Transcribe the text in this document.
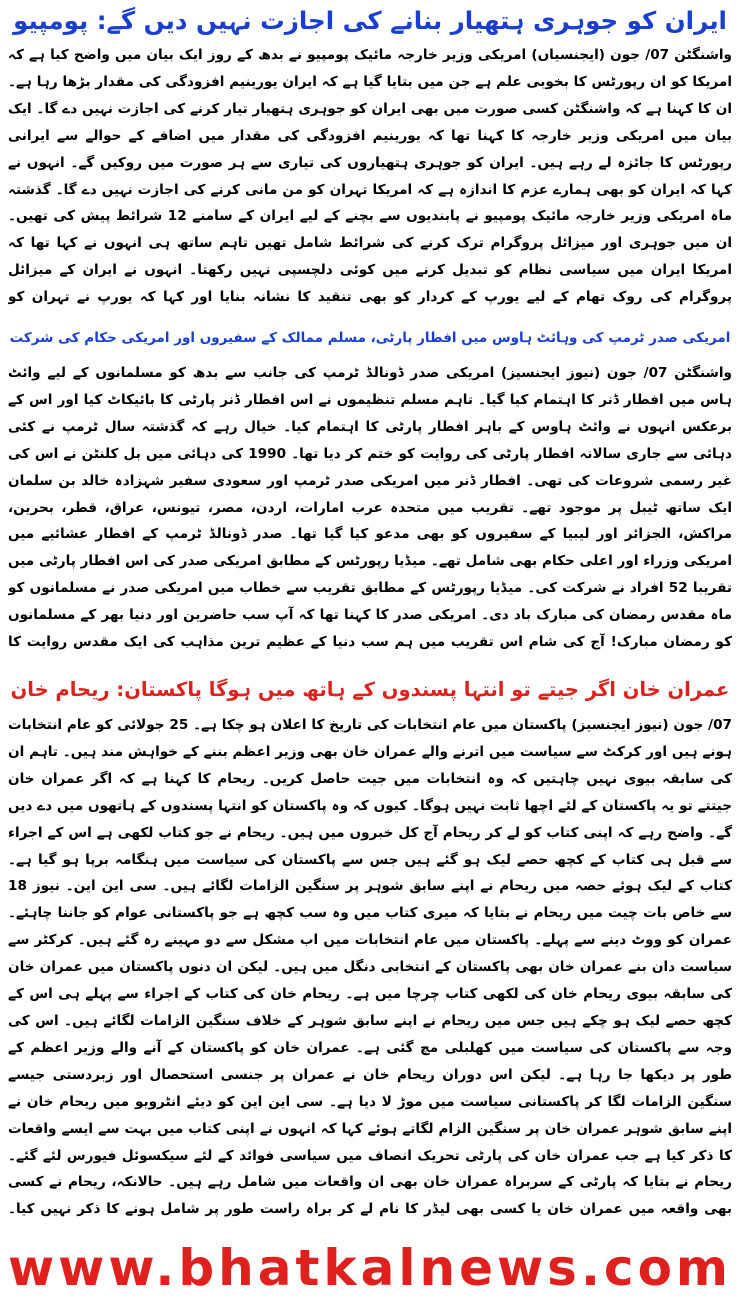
ایران کو جوہری ہتھیار بنانے کی اجازت نہیں دیں گے: پومپیو

واشنگٹن 07/ جون (ایجنسیاں) امریکی وزیر خارجہ مائیک پومپیو نے بدھ کے روز ایک بیان میں واضح کیا ہے کہ امریکا کو ان رپورٹس کا بخوبی علم ہے جن میں بتایا گیا ہے کہ ایران یورینیم افزودگی کی مقدار بڑھا رہا ہے۔ ان کا کہنا ہے کہ واشنگٹن کسی صورت میں بھی ایران کو جوہری ہتھیار تیار کرنے کی اجازت نہیں دے گا۔ ایک بیان میں امریکی وزیر خارجہ کا کہنا تھا کہ یورینیم افزودگی کی مقدار میں اضافے کے حوالے سے ایرانی رپورٹس کا جائزہ لے رہے ہیں۔ ایران کو جوہری ہتھیاروں کی تیاری سے ہر صورت میں روکیں گے۔ انہوں نے کہا کہ ایران کو بھی ہمارے عزم کا اندازہ ہے کہ امریکا تہران کو من مانی کرنے کی اجازت نہیں دے گا۔ گذشتہ ماہ امریکی وزیر خارجہ مائیک پومپیو نے پابندیوں سے بچنے کے لیے ایران کے سامنے 12 شرائط پیش کی تھیں۔ ان میں جوہری اور میزائل پروگرام ترک کرنے کی شرائط شامل تھیں تاہم ساتھ ہی انہوں نے کہا تھا کہ امریکا ایران میں سیاسی نظام کو تبدیل کرنے میں کوئی دلچسپی نہیں رکھتا۔ انہوں نے ایران کے میزائل پروگرام کی روک تھام کے لیے یورپ کے کردار کو بھی تنقید کا نشانہ بنایا اور کہا کہ یورپ نے تہران کو

امریکی صدر ٹرمپ کی وہائٹ ہاوس میں افطار پارٹی، مسلم ممالک کے سفیروں اور امریکی حکام کی شرکت

واشنگٹن 07/ جون (نیوز ایجنسیز) امریکی صدر ڈونالڈ ٹرمپ کی جانب سے بدھ کو مسلمانوں کے لیے وائٹ ہاس میں افطار ڈنر کا اہتمام کیا گیا۔ تاہم مسلم تنظیموں نے اس افطار ڈنر پارٹی کا بائیکاٹ کیا اور اس کے برعکس انہوں نے وائٹ ہاوس کے باہر افطار پارٹی کا اہتمام کیا۔ خیال رہے کہ گذشتہ سال ٹرمپ نے کئی دہائی سے جاری سالانہ افطار پارٹی کی روایت کو ختم کر دیا تھا۔ 1990 کی دہائی میں بل کلنٹن نے اس کی غیر رسمی شروعات کی تھی۔ افطار ڈنر میں امریکی صدر ٹرمپ اور سعودی سفیر شہزادہ خالد بن سلمان ایک ساتھ ٹیبل پر موجود تھے۔ تقریب میں متحدہ عرب امارات، اردن، مصر، تیونس، عراق، قطر، بحرین، مراکش، الجزائر اور لیبیا کے سفیروں کو بھی مدعو کیا گیا تھا۔ صدر ڈونالڈ ٹرمپ کے افطار عشائیے میں امریکی وزراء اور اعلی حکام بھی شامل تھے۔ میڈیا رپورٹس کے مطابق امریکی صدر کی اس افطار پارٹی میں تقریبا 52 افراد نے شرکت کی۔ میڈیا رپورٹس کے مطابق تقریب سے خطاب میں امریکی صدر نے مسلمانوں کو ماہ مقدس رمضان کی مبارک باد دی۔ امریکی صدر کا کہنا تھا کہ آپ سب حاضرین اور دنیا بھر کے مسلمانوں کو رمضان مبارک! آج کی شام اس تقریب میں ہم سب دنیا کے عظیم ترین مذاہب کی ایک مقدس روایت کا

عمران خان اگر جیتے تو انتہا پسندوں کے ہاتھ میں ہوگا پاکستان: ریحام خان

07/ جون (نیوز ایجنسیز) پاکستان میں عام انتخابات کی تاریخ کا اعلان ہو چکا ہے۔ 25 جولائی کو عام انتخابات ہونے ہیں اور کرکٹ سے سیاست میں اترنے والے عمران خان بھی وزیر اعظم بننے کے خواہش مند ہیں۔ تاہم ان کی سابقہ بیوی نہیں چاہتیں کہ وہ انتخابات میں جیت حاصل کریں۔ ریحام کا کہنا ہے کہ اگر عمران خان جیتتے تو یہ پاکستان کے لئے اچھا ثابت نہیں ہوگا۔ کیوں کہ وہ پاکستان کو انتہا پسندوں کے ہاتھوں میں دے دیں گے۔ واضح رہے کہ اپنی کتاب کو لے کر ریحام آج کل خبروں میں ہیں۔ ریحام نے جو کتاب لکھی ہے اس کے اجراء سے قبل ہی کتاب کے کچھ حصے لیک ہو گئے ہیں جس سے پاکستان کی سیاست میں ہنگامہ برپا ہو گیا ہے۔ کتاب کے لیک ہوئے حصہ میں ریحام نے اپنے سابق شوہر پر سنگین الزامات لگائے ہیں۔ سی این این۔ نیوز 18 سے خاص بات چیت میں ریحام نے بتایا کہ میری کتاب میں وہ سب کچھ ہے جو پاکستانی عوام کو جاننا چاہئے۔ عمران کو ووٹ دینے سے پہلے۔ پاکستان میں عام انتخابات میں اب مشکل سے دو مہینے رہ گئے ہیں۔ کرکٹر سے سیاست دان بنے عمران خان بھی پاکستان کے انتخابی دنگل میں ہیں۔ لیکن ان دنوں پاکستان میں عمران خان کی سابقہ بیوی ریحام خان کی لکھی کتاب چرچا میں ہے۔ ریحام خان کی کتاب کے اجراء سے پہلے ہی اس کے کچھ حصے لیک ہو چکے ہیں جس میں ریحام نے اپنے سابق شوہر کے خلاف سنگین الزامات لگائے ہیں۔ اس کی وجہ سے پاکستان کی سیاست میں کھلبلی مچ گئی ہے۔ عمران خان کو پاکستان کے آنے والے وزیر اعظم کے طور پر دیکھا جا رہا ہے۔ لیکن اس دوران ریحام خان نے عمران پر جنسی استحصال اور زبردستی جیسے سنگین الزامات لگا کر پاکستانی سیاست میں موڑ لا دیا ہے۔ سی این این کو دیئے انٹرویو میں ریحام خان نے اپنے سابق شوہر عمران خان پر سنگین الزام لگاتے ہوئے کہا کہ انہوں نے اپنی کتاب میں بہت سے ایسے واقعات کا ذکر کیا ہے جب عمران خان کی پارٹی تحریک انصاف میں سیاسی فوائد کے لئے سیکسوئل فیورس لئے گئے۔ ریحام نے بتایا کہ پارٹی کے سربراہ عمران خان بھی ان واقعات میں شامل رہے ہیں۔ حالانکہ، ریحام نے کسی بھی واقعہ میں عمران خان یا کسی بھی لیڈر کا نام لے کر براہ راست طور پر شامل ہونے کا ذکر نہیں کیا۔

www.bhatkalnews.com
